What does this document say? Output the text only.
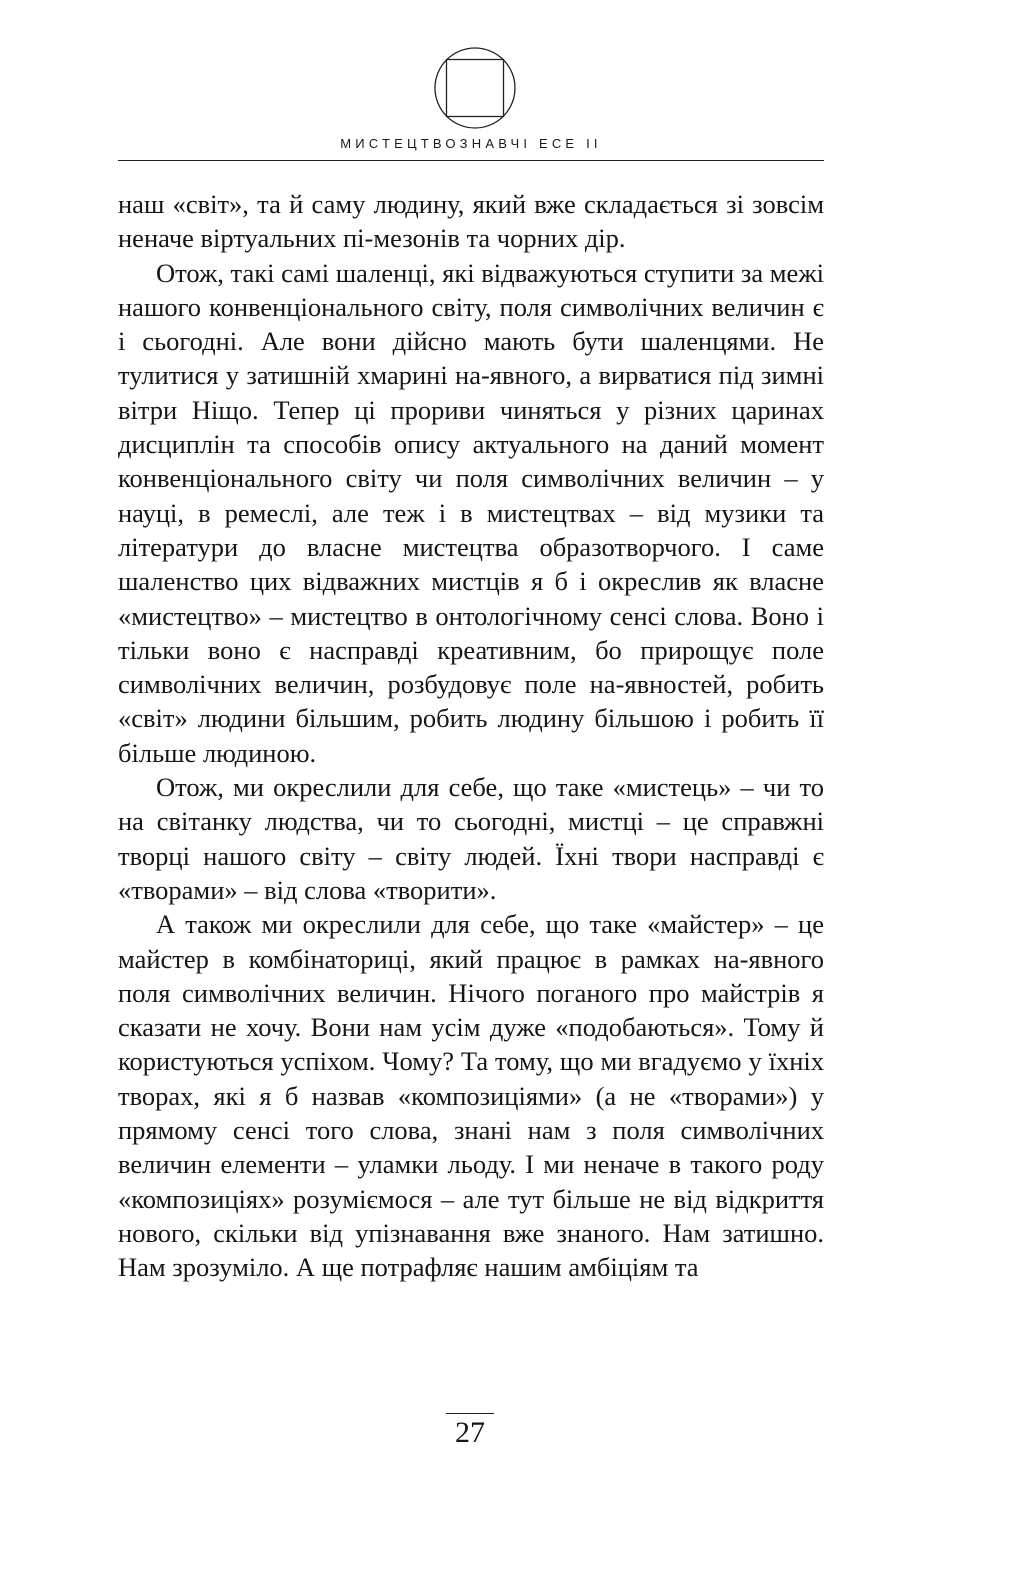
МИСТЕЦТВОЗНАВЧІ ЕСЕ ІІ

наш «світ», та й саму людину, який вже складається зі зовсім неначе віртуальних пі-мезонів та чорних дір.

Отож, такі самі шаленці, які відважуються ступити за межі нашого конвенціонального світу, поля символічних величин є і сьогодні. Але вони дійсно мають бути шаленцями. Не тулитися у затишній хмарині на-явного, а вирватися під зимні вітри Ніщо. Тепер ці прориви чиняться у різних царинах дисциплін та способів опису актуального на даний момент конвенціонального світу чи поля символічних величин – у науці, в ремеслі, але теж і в мистецтвах – від музики та літератури до власне мистецтва образотворчого. І саме шаленство цих відважних мистців я б і окреслив як власне «мистецтво» – мистецтво в онтологічному сенсі слова. Воно і тільки воно є насправді креативним, бо прирощує поле символічних величин, розбудовує поле на-явностей, робить «світ» людини більшим, робить людину більшою і робить її більше людиною.

Отож, ми окреслили для себе, що таке «мистець» – чи то на світанку людства, чи то сьогодні, мистці – це справжні творці нашого світу – світу людей. Їхні твори насправді є «творами» – від слова «творити».

А також ми окреслили для себе, що таке «майстер» – це майстер в комбінаториці, який працює в рамках на-явного поля символічних величин. Нічого поганого про майстрів я сказати не хочу. Вони нам усім дуже «подобаються». Тому й користуються успіхом. Чому? Та тому, що ми вгадуємо у їхніх творах, які я б назвав «композиціями» (а не «творами») у прямому сенсі того слова, знані нам з поля символічних величин елементи – уламки льоду. І ми неначе в такого роду «композиціях» розуміємося – але тут більше не від відкриття нового, скільки від упізнавання вже знаного. Нам затишно. Нам зрозуміло. А ще потрафляє нашим амбіціям та

27
